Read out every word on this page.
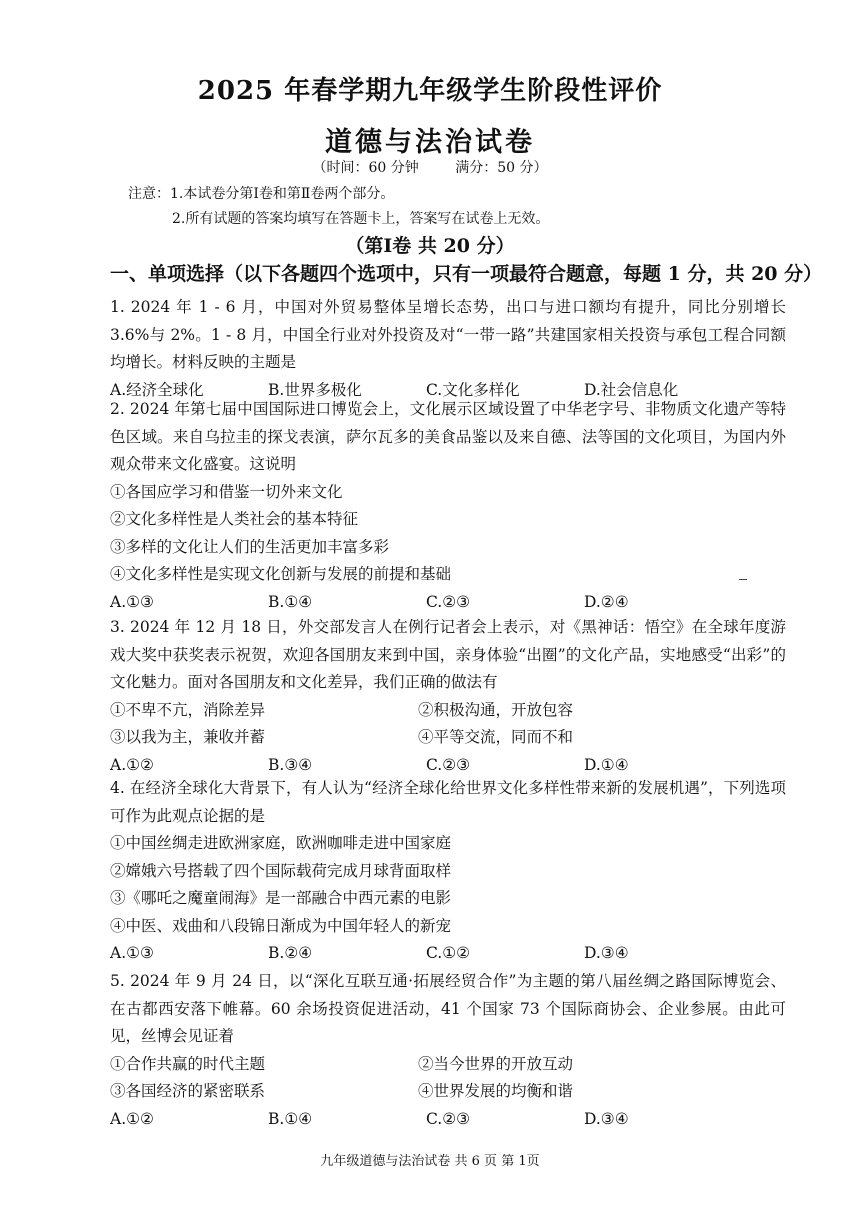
2025 年春学期九年级学生阶段性评价
道德与法治试卷
（时间：60 分钟	满分：50 分）
注意：1.本试卷分第Ⅰ卷和第Ⅱ卷两个部分。
2.所有试题的答案均填写在答题卡上，答案写在试卷上无效。
（第Ⅰ卷 共 20 分）
一、单项选择（以下各题四个选项中，只有一项最符合题意，每题 1 分，共 20 分）

1. 2024 年 1 - 6 月，中国对外贸易整体呈增长态势，出口与进口额均有提升，同比分别增长 3.6%与 2%。1 - 8 月，中国全行业对外投资及对“一带一路”共建国家相关投资与承包工程合同额均增长。材料反映的主题是

A.经济全球化	B.世界多极化	C.文化多样化	D.社会信息化

2. 2024 年第七届中国国际进口博览会上，文化展示区域设置了中华老字号、非物质文化遗产等特色区域。来自乌拉圭的探戈表演，萨尔瓦多的美食品鉴以及来自德、法等国的文化项目，为国内外观众带来文化盛宴。这说明

①各国应学习和借鉴一切外来文化

②文化多样性是人类社会的基本特征

③多样的文化让人们的生活更加丰富多彩

④文化多样性是实现文化创新与发展的前提和基础

A.①③	B.①④	C.②③	D.②④

3. 2024 年 12 月 18 日，外交部发言人在例行记者会上表示，对《黑神话：悟空》在全球年度游戏大奖中获奖表示祝贺，欢迎各国朋友来到中国，亲身体验“出圈”的文化产品，实地感受“出彩”的文化魅力。面对各国朋友和文化差异，我们正确的做法有

①不卑不亢，消除差异	②积极沟通，开放包容
③以我为主，兼收并蓄	④平等交流，同而不和
A.①②	B.③④	C.②③	D.①④

4. 在经济全球化大背景下，有人认为“经济全球化给世界文化多样性带来新的发展机遇”，下列选项可作为此观点论据的是

①中国丝绸走进欧洲家庭，欧洲咖啡走进中国家庭

②嫦娥六号搭载了四个国际载荷完成月球背面取样

③《哪吒之魔童闹海》是一部融合中西元素的电影

④中医、戏曲和八段锦日渐成为中国年轻人的新宠

A.①③	B.②④	C.①②	D.③④

5. 2024 年 9 月 24 日，以“深化互联互通·拓展经贸合作”为主题的第八届丝绸之路国际博览会、在古都西安落下帷幕。60 余场投资促进活动，41 个国家 73 个国际商协会、企业参展。由此可见，丝博会见证着

①合作共赢的时代主题	②当今世界的开放互动
③各国经济的紧密联系	④世界发展的均衡和谐
A.①②	B.①④	C.②③	D.③④
九年级道德与法治试卷 共 6 页 第 1页
